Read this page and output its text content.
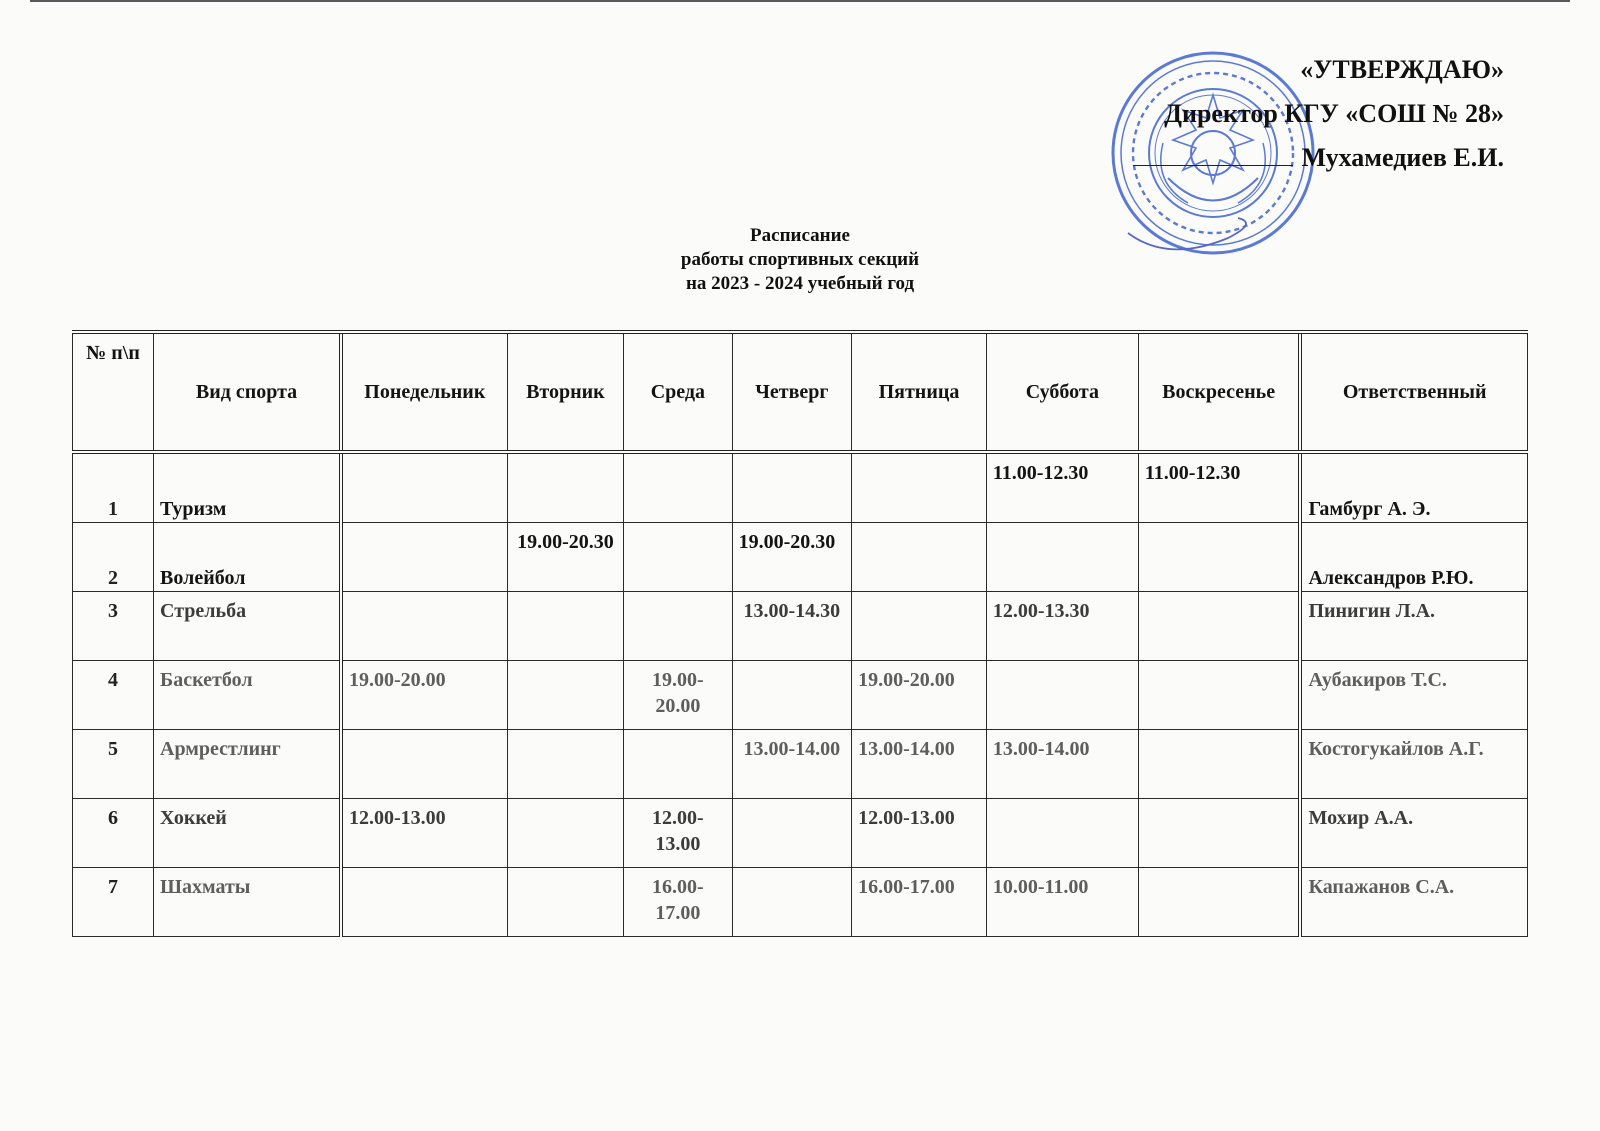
«УТВЕРЖДАЮ»
Директор КГУ «СОШ № 28»
Мухамедиев Е.И.
Расписание
работы спортивных секций
на 2023 - 2024 учебный год
№ п\п	Вид спорта	Понедельник	Вторник	Среда	Четверг	Пятница	Суббота	Воскресенье	Ответственный
1	Туризм						11.00-12.30	11.00-12.30	Гамбург А. Э.
2	Волейбол		19.00-20.30		19.00-20.30				Александров Р.Ю.
3	Стрельба				13.00-14.30		12.00-13.30		Пинигин Л.А.
4	Баскетбол	19.00-20.00		19.00-20.00		19.00-20.00			Аубакиров Т.С.
5	Армрестлинг				13.00-14.00	13.00-14.00	13.00-14.00		Костогукайлов А.Г.
6	Хоккей	12.00-13.00		12.00-13.00		12.00-13.00			Мохир А.А.
7	Шахматы			16.00-17.00		16.00-17.00	10.00-11.00		Капажанов С.А.
